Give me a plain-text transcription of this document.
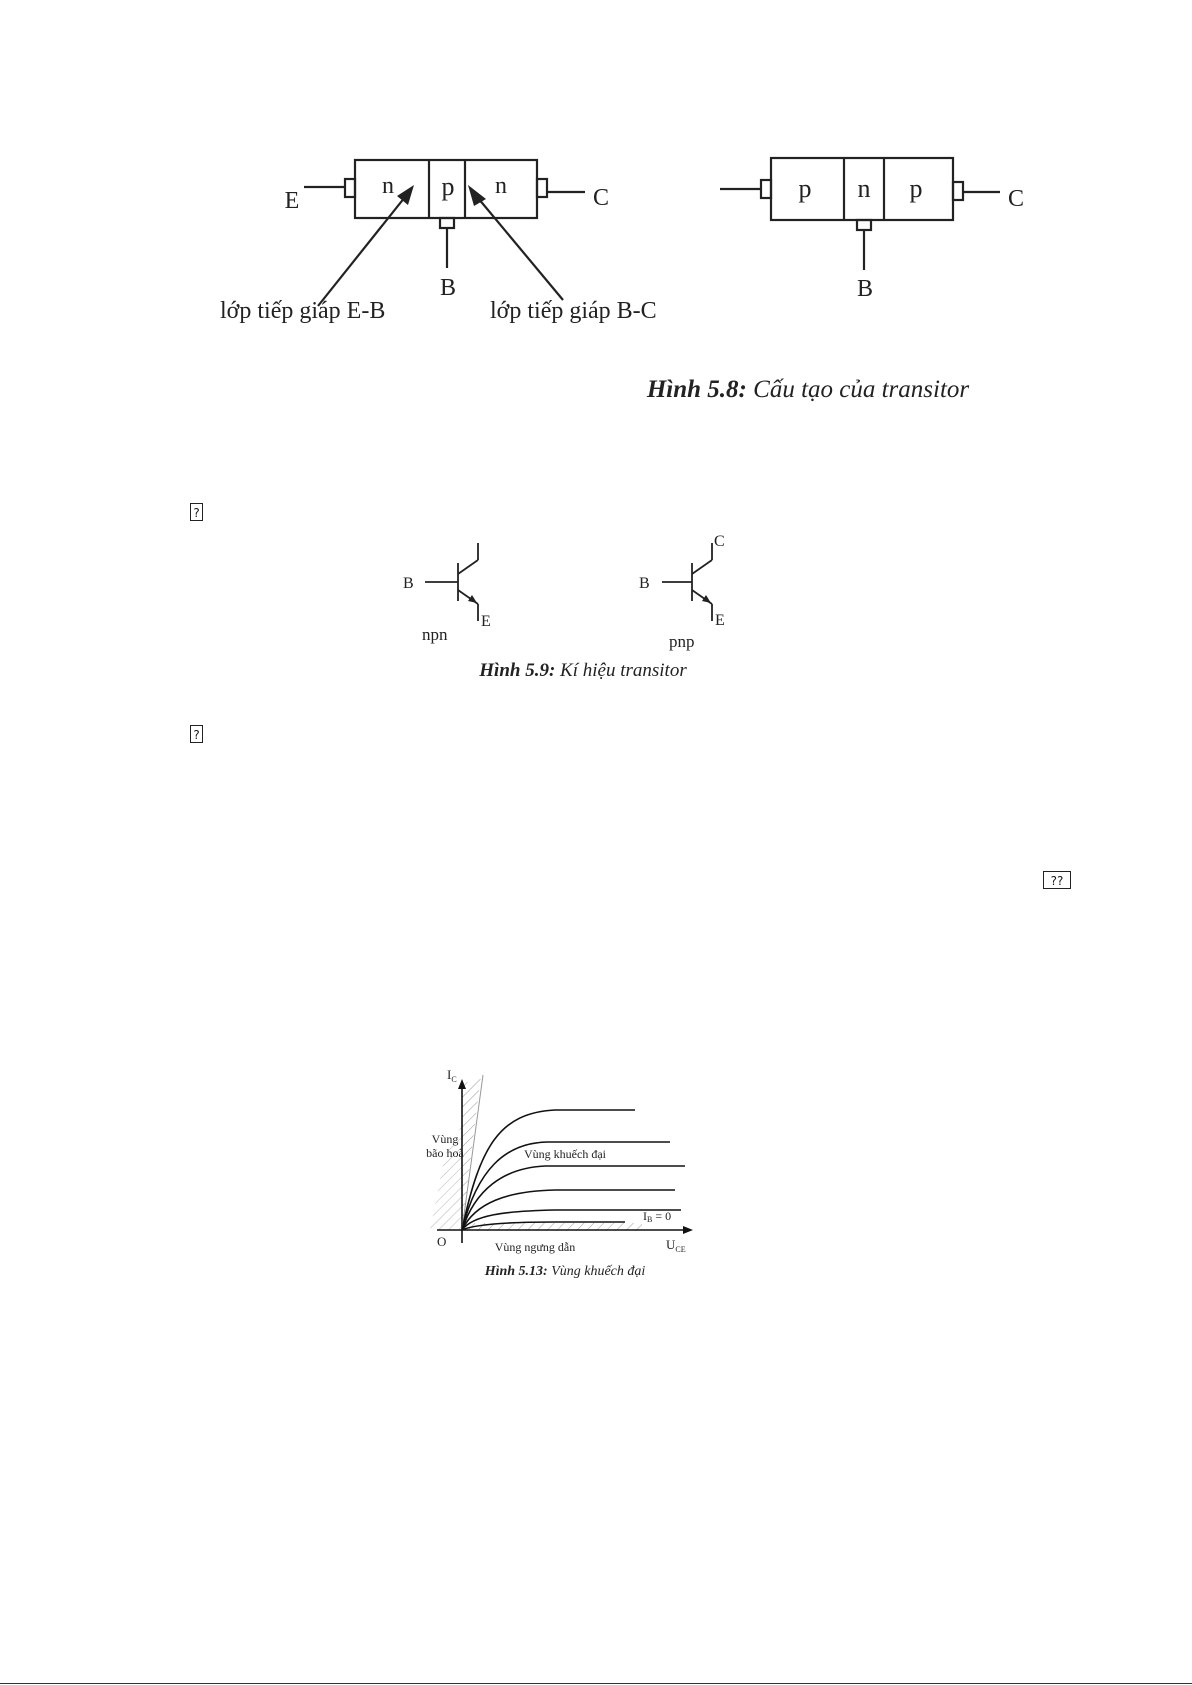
n p n
E	C
B
lớp tiếp giáp E-B	lớp tiếp giáp B-C
p n p	C
B
Hình 5.8: Cấu tạo của transitor
?
B
E
npn
B
C
E
pnp
Hình 5.9: Kí hiệu transitor
?
??
$I_C$
$U_{CE}$
O
Vùng
bão hoà	Vùng khuếch đại
IB = 0
Vùng ngưng dẫn
Hình 5.13: Vùng khuếch đại
